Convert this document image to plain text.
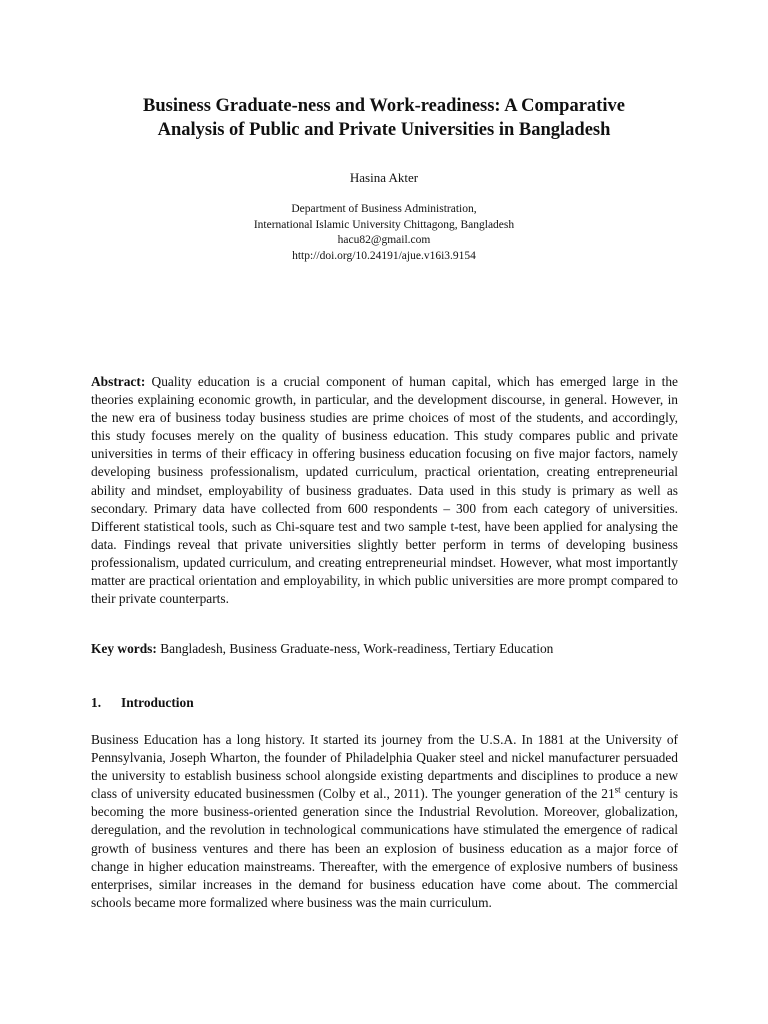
Business Graduate-ness and Work-readiness: A Comparative
Analysis of Public and Private Universities in Bangladesh
Hasina Akter
Department of Business Administration,
International Islamic University Chittagong, Bangladesh
hacu82@gmail.com
http://doi.org/10.24191/ajue.v16i3.9154

Abstract: Quality education is a crucial component of human capital, which has emerged large in the theories explaining economic growth, in particular, and the development discourse, in general. However, in the new era of business today business studies are prime choices of most of the students, and accordingly, this study focuses merely on the quality of business education. This study compares public and private universities in terms of their efficacy in offering business education focusing on five major factors, namely developing business professionalism, updated curriculum, practical orientation, creating entrepreneurial ability and mindset, employability of business graduates. Data used in this study is primary as well as secondary. Primary data have collected from 600 respondents – 300 from each category of universities. Different statistical tools, such as Chi-square test and two sample t-test, have been applied for analysing the data. Findings reveal that private universities slightly better perform in terms of developing business professionalism, updated curriculum, and creating entrepreneurial mindset. However, what most importantly matter are practical orientation and employability, in which public universities are more prompt compared to their private counterparts.

Key words: Bangladesh, Business Graduate-ness, Work-readiness, Tertiary Education

1. Introduction

Business Education has a long history. It started its journey from the U.S.A. In 1881 at the University of Pennsylvania, Joseph Wharton, the founder of Philadelphia Quaker steel and nickel manufacturer persuaded the university to establish business school alongside existing departments and disciplines to produce a new class of university educated businessmen (Colby et al., 2011). The younger generation of the 21st century is becoming the more business-oriented generation since the Industrial Revolution. Moreover, globalization, deregulation, and the revolution in technological communications have stimulated the emergence of radical growth of business ventures and there has been an explosion of business education as a major force of change in higher education mainstreams. Thereafter, with the emergence of explosive numbers of business enterprises, similar increases in the demand for business education have come about. The commercial schools became more formalized where business was the main curriculum.
